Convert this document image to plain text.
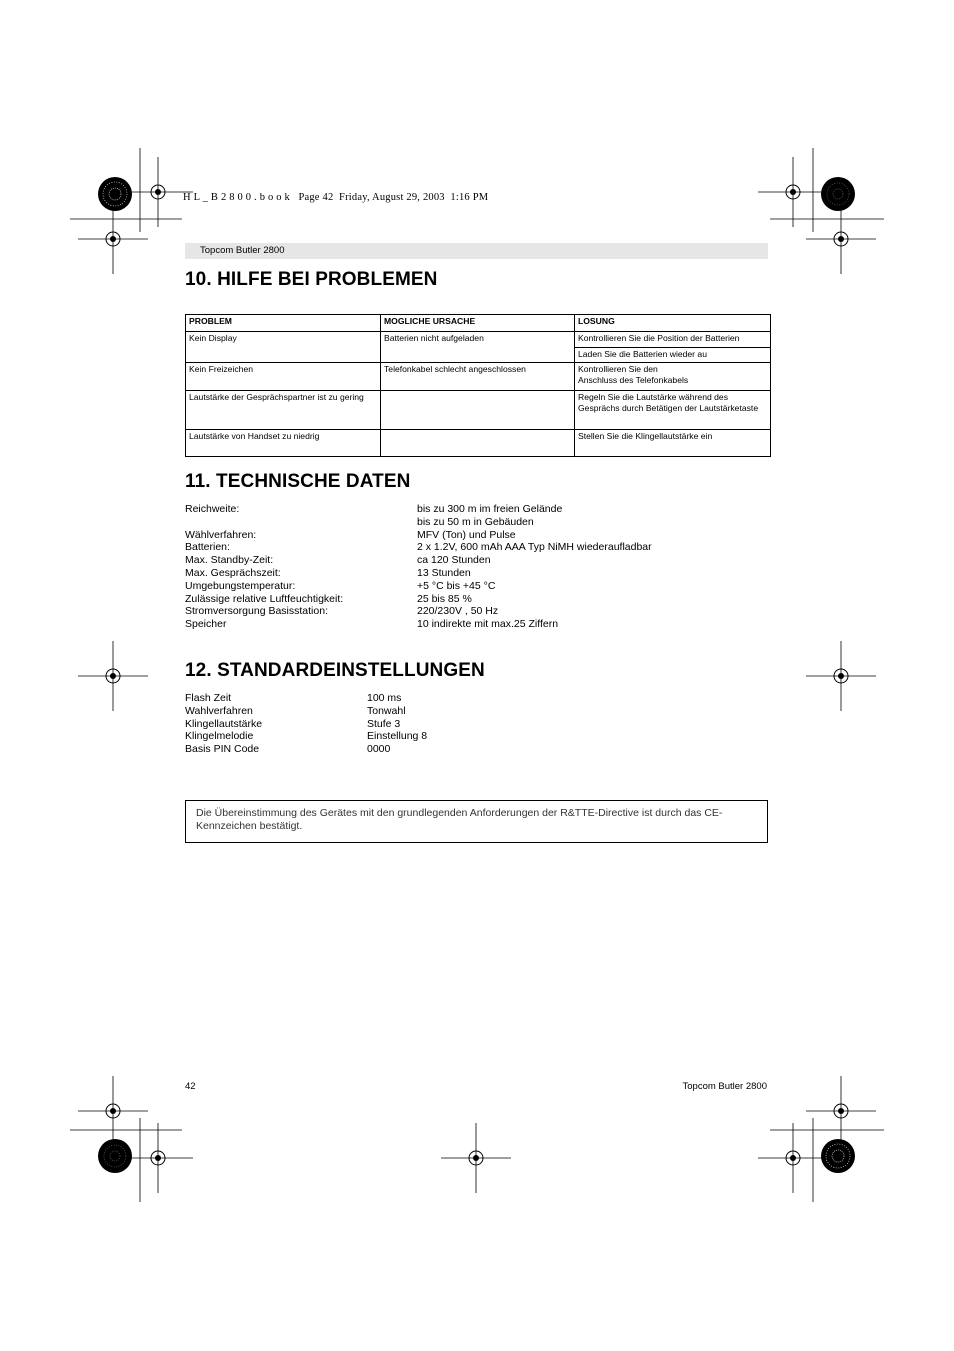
H L _ B 2 8 0 0 . b o o k   Page 42  Friday, August 29, 2003  1:16 PM
Topcom Butler 2800
10. HILFE BEI PROBLEMEN
PROBLEM	MOGLICHE URSACHE	LOSUNG
Kein Display	Batterien nicht aufgeladen	Kontrollieren Sie die Position der Batterien
		Laden Sie die Batterien wieder au
Kein Freizeichen	Telefonkabel schlecht angeschlossen	Kontrollieren Sie den
Anschluss des Telefonkabels
Lautstärke der Gesprächspartner ist zu gering		Regeln Sie die Lautstärke während des Gesprächs durch Betätigen der Lautstärketaste
Lautstärke von Handset zu niedrig		Stellen Sie die Klingellautstärke ein
11. TECHNISCHE DATEN
Reichweite:	bis zu 300 m im freien Gelände
bis zu 50 m in Gebäuden
Wählverfahren:	MFV (Ton) und Pulse
Batterien:	2 x 1.2V, 600 mAh AAA Typ NiMH wiederaufladbar
Max. Standby-Zeit:	ca 120 Stunden
Max. Gesprächszeit:	13 Stunden
Umgebungstemperatur:	+5 °C bis +45 °C
Zulässige relative Luftfeuchtigkeit:	25 bis 85 %
Stromversorgung Basisstation:	220/230V , 50 Hz
Speicher	10 indirekte mit max.25 Ziffern
12. STANDARDEINSTELLUNGEN
Flash Zeit	100 ms
Wahlverfahren	Tonwahl
Klingellautstärke	Stufe 3
Klingelmelodie	Einstellung 8
Basis PIN Code	0000
Die Übereinstimmung des Gerätes mit den grundlegenden Anforderungen der R&TTE-Directive ist durch das CE-Kennzeichen bestätigt.
42	Topcom Butler 2800
